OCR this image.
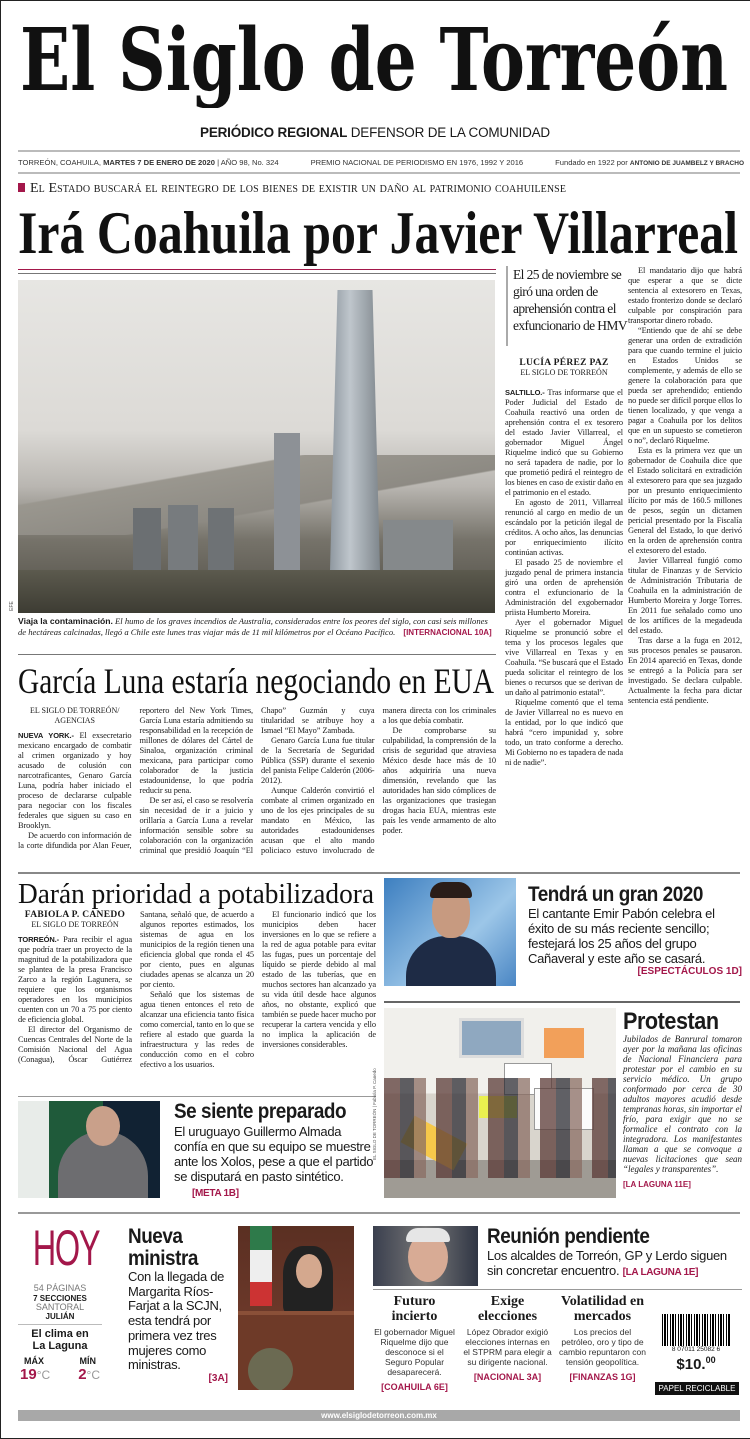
El Siglo de Torreón
PERIÓDICO REGIONAL DEFENSOR DE LA COMUNIDAD
TORREÓN, COAHUILA, MARTES 7 DE ENERO DE 2020 | AÑO 98, No. 324	PREMIO NACIONAL DE PERIODISMO EN 1976, 1992 Y 2016	Fundado en 1922 por ANTONIO DE JUAMBELZ Y BRACHO
El Estado buscará el reintegro de los bienes de existir un daño al patrimonio coahuilense
Irá Coahuila por Javier Villarreal
EFE
Viaja la contaminación. El humo de los graves incendios de Australia, considerados entre los peores del siglo, con casi seis millones de hectáreas calcinadas, llegó a Chile este lunes tras viajar más de 11 mil kilómetros por el Océano Pacífico. [INTERNACIONAL 10A]
El 25 de noviembre se giró una orden de aprehensión contra el exfuncionario de HMV
LUCÍA PÉREZ PAZ
EL SIGLO DE TORREÓN

SALTILLO.- Tras informarse que el Poder Judicial del Estado de Coahuila reactivó una orden de aprehensión contra el ex tesorero del estado Javier Villarreal, el gobernador Miguel Ángel Riquelme indicó que su Gobierno no será tapadera de nadie, por lo que prometió pedirá el reintegro de los bienes en caso de existir daño en el patrimonio en el estado.

En agosto de 2011, Villarreal renunció al cargo en medio de un escándalo por la petición ilegal de créditos. A ocho años, las denuncias por enriquecimiento ilícito continúan activas.

El pasado 25 de noviembre el juzgado penal de primera instancia giró una orden de aprehensión contra el exfuncionario de la Administración del exgobernador priista Humberto Moreira.

Ayer el gobernador Miguel Riquelme se pronunció sobre el tema y los procesos legales que vive Villarreal en Texas y en Coahuila. “Se buscará que el Estado pueda solicitar el reintegro de los bienes o recursos que se derivan de un daño al patrimonio estatal”.

Riquelme comentó que el tema de Javier Villarreal no es nuevo en la entidad, por lo que indicó que habrá “cero impunidad y, sobre todo, un trato conforme a derecho. Mi Gobierno no es tapadera de nada ni de nadie”.

El mandatario dijo que habrá que esperar a que se dicte sentencia al extesorero en Texas, estado fronterizo donde se declaró culpable por conspiración para transportar dinero robado.

“Entiendo que de ahí se debe generar una orden de extradición para que cuando termine el juicio en Estados Unidos se complemente, y además de ello se genere la colaboración para que pueda ser aprehendido; entiendo no puede ser difícil porque ellos lo tienen localizado, y que venga a pagar a Coahuila por los delitos que en un supuesto se cometieron o no”, declaró Riquelme.

Esta es la primera vez que un gobernador de Coahuila dice que el Estado solicitará en extradición al extesorero para que sea juzgado por un presunto enriquecimiento ilícito por más de 160.5 millones de pesos, según un dictamen pericial presentado por la Fiscalía General del Estado, lo que derivó en la orden de aprehensión contra el extesorero del estado.

Javier Villarreal fungió como titular de Finanzas y de Servicio de Administración Tributaria de Coahuila en la administración de Humberto Moreira y Jorge Torres. En 2011 fue señalado como uno de los artífices de la megadeuda del estado.

Tras darse a la fuga en 2012, sus procesos penales se pausaron. En 2014 apareció en Texas, donde se entregó a la Policía para ser investigado. Se declara culpable. Actualmente la fecha para dictar sentencia está pendiente.

García Luna estaría negociando en EUA
EL SIGLO DE TORREÓN/ AGENCIAS

NUEVA YORK.- El exsecretario mexicano encargado de combatir al crimen organizado y hoy acusado de colusión con narcotraficantes, Genaro García Luna, podría haber iniciado el proceso de declararse culpable para negociar con los fiscales federales que siguen su caso en Brooklyn.

De acuerdo con información de la corte difundida por Alan Feuer, reportero del New York Times, García Luna estaría admitiendo su responsabilidad en la recepción de millones de dólares del Cártel de Sinaloa, organización criminal mexicana, para participar como colaborador de la justicia estadounidense, lo que podría reducir su pena.

De ser así, el caso se resolvería sin necesidad de ir a juicio y orillaría a García Luna a revelar información sensible sobre su colaboración con la organización criminal que presidió Joaquín “El Chapo” Guzmán y cuya titularidad se atribuye hoy a Ismael “El Mayo” Zambada.

Genaro García Luna fue titular de la Secretaría de Seguridad Pública (SSP) durante el sexenio del panista Felipe Calderón (2006-2012).

Aunque Calderón convirtió el combate al crimen organizado en uno de los ejes principales de su mandato en México, las autoridades estadounidenses acusan que el alto mando policiaco estuvo involucrado de manera directa con los criminales a los que debía combatir.

De comprobarse su culpabilidad, la comprensión de la crisis de seguridad que atraviesa México desde hace más de 10 años adquiriría una nueva dimensión, revelando que las autoridades han sido cómplices de las organizaciones que trasiegan drogas hacia EUA, mientras este país les vende armamento de alto poder.

Darán prioridad a potabilizadora
FABIOLA P. CANEDO
EL SIGLO DE TORREÓN

TORREÓN.- Para recibir el agua que podría traer un proyecto de la magnitud de la potabilizadora que se plantea de la presa Francisco Zarco a la región Lagunera, se requiere que los organismos operadores en los municipios cuenten con un 70 a 75 por ciento de eficiencia global.

El director del Organismo de Cuencas Centrales del Norte de la Comisión Nacional del Agua (Conagua), Óscar Gutiérrez Santana, señaló que, de acuerdo a algunos reportes estimados, los sistemas de agua en los municipios de la región tienen una eficiencia global que ronda el 45 por ciento, pues en algunas ciudades apenas se alcanza un 20 por ciento.

Señaló que los sistemas de agua tienen entonces el reto de alcanzar una eficiencia tanto física como comercial, tanto en lo que se refiere al estado que guarda la infraestructura y las redes de conducción como en el cobro efectivo a los usuarios.

El funcionario indicó que los municipios deben hacer inversiones en lo que se refiere a la red de agua potable para evitar las fugas, pues un porcentaje del líquido se pierde debido al mal estado de las tuberías, que en muchos sectores han alcanzado ya su vida útil desde hace algunos años, no obstante, explicó que también se puede hacer mucho por recuperar la cartera vencida y ello no implica la aplicación de inversiones considerables.

Se siente preparado
El uruguayo Guillermo Almada confía en que su equipo se muestre ante los Xolos, pese a que el partido se disputará en pasto sintético. [META 1B]
Tendrá un gran 2020
El cantante Emir Pabón celebra el éxito de su más reciente sencillo; festejará los 25 años del grupo Cañaveral y este año se casará.
[ESPECTÁCULOS 1D]
EL SIGLO DE TORREÓN | Fabiola P. Canedo
Protestan
Jubilados de Banrural tomaron ayer por la mañana las oficinas de Nacional Financiera para protestar por el cambio en su servicio médico. Un grupo conformado por cerca de 30 adultos mayores acudió desde tempranas horas, sin importar el frío, para exigir que no se formalice el contrato con la integradora. Los manifestantes llaman a que se convoque a nuevas licitaciones que sean “legales y transparentes”.
[LA LAGUNA 11E]
HOY
54 PÁGINAS
7 SECCIONES
SANTORAL
JULIÁN
El clima en La Laguna
MÁX	MÍN
19°C 2°C
Nueva ministra
Con la llegada de Margarita Ríos-Farjat a la SCJN, esta tendrá por primera vez tres mujeres como ministras.
[3A]
Reunión pendiente
Los alcaldes de Torreón, GP y Lerdo siguen sin concretar encuentro. [LA LAGUNA 1E]
Futuro incierto

El gobernador Miguel Riquelme dijo que desconoce si el Seguro Popular desaparecerá.

[COAHUILA 6E]
Exige elecciones

López Obrador exigió elecciones internas en el STPRM para elegir a su dirigente nacional.

[NACIONAL 3A]
Volatilidad en mercados

Los precios del petróleo, oro y tipo de cambio repuntaron con tensión geopolítica.

[FINANZAS 1G]
8 07011 25082 6
$10.00
PAPEL RECICLABLE
www.elsiglodetorreon.com.mx
